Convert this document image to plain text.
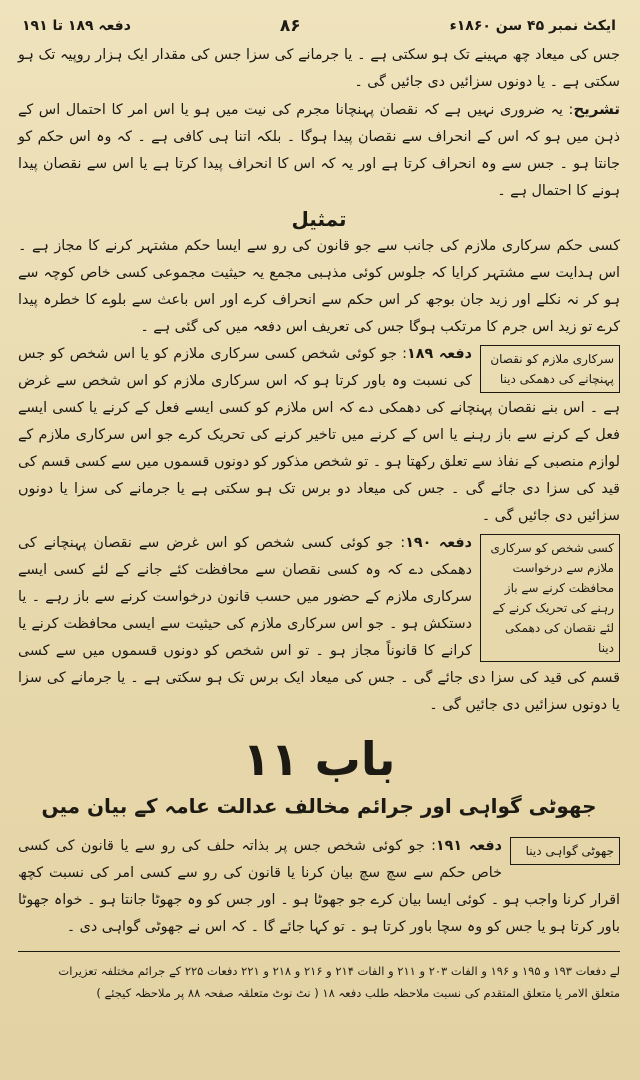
دفعہ ۱۸۹ تا ۱۹۱	۸۶	ایکٹ نمبر ۴۵ سن ۱۸۶۰ء

جس کی میعاد چھ مہینے تک ہو سکتی ہے ۔ یا جرمانے کی سزا جس کی مقدار ایک ہزار روپیہ تک ہو سکتی ہے ۔ یا دونوں سزائیں دی جائیں گی ۔

تشریح: یہ ضروری نہیں ہے کہ نقصان پہنچانا مجرم کی نیت میں ہو یا اس امر کا احتمال اس کے ذہن میں ہو کہ اس کے انحراف سے نقصان پیدا ہوگا ۔ بلکہ اتنا ہی کافی ہے ۔ کہ وہ اس حکم کو جانتا ہو ۔ جس سے وہ انحراف کرتا ہے اور یہ کہ اس کا انحراف پیدا کرتا ہے یا اس سے نقصان پیدا ہونے کا احتمال ہے ۔

تمثیل

کسی حکم سرکاری ملازم کی جانب سے جو قانون کی رو سے ایسا حکم مشتہر کرنے کا مجاز ہے ۔ اس ہدایت سے مشتہر کرایا کہ جلوس کوئی مذہبی مجمع یہ حیثیت مجموعی کسی خاص کوچہ سے ہو کر نہ نکلے اور زید جان بوجھ کر اس حکم سے انحراف کرے اور اس باعث سے بلوے کا خطرہ پیدا کرے تو زید اس جرم کا مرتکب ہوگا جس کی تعریف اس دفعہ میں کی گئی ہے ۔

سرکاری ملازم کو نقصان پہنچانے کی دھمکی دینا

دفعہ ۱۸۹: جو کوئی شخص کسی سرکاری ملازم کو یا اس شخص کو جس کی نسبت وہ باور کرتا ہو کہ اس سرکاری ملازم کو اس شخص سے غرض ہے ۔ اس بنے نقصان پہنچانے کی دھمکی دے کہ اس ملازم کو کسی ایسے فعل کے کرنے یا کسی ایسے فعل کے کرنے سے باز رہنے یا اس کے کرنے میں تاخیر کرنے کی تحریک کرے جو اس سرکاری ملازم کے لوازم منصبی کے نفاذ سے تعلق رکھتا ہو ۔ تو شخص مذکور کو دونوں قسموں میں سے کسی قسم کی قید کی سزا دی جائے گی ۔ جس کی میعاد دو برس تک ہو سکتی ہے یا جرمانے کی سزا یا دونوں سزائیں دی جائیں گی ۔

کسی شخص کو سرکاری ملازم سے درخواست محافظت کرنے سے باز رہنے کی تحریک کرنے کے لئے نقصان کی دھمکی دینا

دفعہ ۱۹۰: جو کوئی کسی شخص کو اس غرض سے نقصان پہنچانے کی دھمکی دے کہ وہ کسی نقصان سے محافظت کئے جانے کے لئے کسی ایسے سرکاری ملازم کے حضور میں حسب قانون درخواست کرنے سے باز رہے ۔ یا دستکش ہو ۔ جو اس سرکاری ملازم کی حیثیت سے ایسی محافظت کرنے یا کرانے کا قانوناً مجاز ہو ۔ تو اس شخص کو دونوں قسموں میں سے کسی قسم کی قید کی سزا دی جائے گی ۔ جس کی میعاد ایک برس تک ہو سکتی ہے ۔ یا جرمانے کی سزا یا دونوں سزائیں دی جائیں گی ۔

باب ۱۱
جھوٹی گواہی اور جرائم مخالف عدالت عامہ کے بیان میں
جھوٹی گواہی دینا

دفعہ ۱۹۱: جو کوئی شخص جس پر بذاتہ حلف کی رو سے یا قانون کی کسی خاص حکم سے سچ سچ بیان کرنا یا قانون کی رو سے کسی امر کی نسبت کچھ اقرار کرنا واجب ہو ۔ کوئی ایسا بیان کرے جو جھوٹا ہو ۔ اور جس کو وہ جھوٹا جانتا ہو ۔ خواہ جھوٹا باور کرتا ہو یا جس کو وہ سچا باور کرتا ہو ۔ تو کہا جائے گا ۔ کہ اس نے جھوٹی گواہی دی ۔

لے دفعات ۱۹۳ و ۱۹۵ و ۱۹۶ و الفات ۲۰۳ و ۲۱۱ و الفات ۲۱۴ و ۲۱۶ و ۲۱۸ و ۲۲۱ دفعات ۲۲۵ کے جرائم مختلفہ تعزیرات

متعلق الامر یا متعلق المتقدم کی نسبت ملاحظہ طلب دفعہ ۱۸ ( نٹ نوٹ متعلقہ صفحہ ۸۸ پر ملاحظہ کیجئے )
